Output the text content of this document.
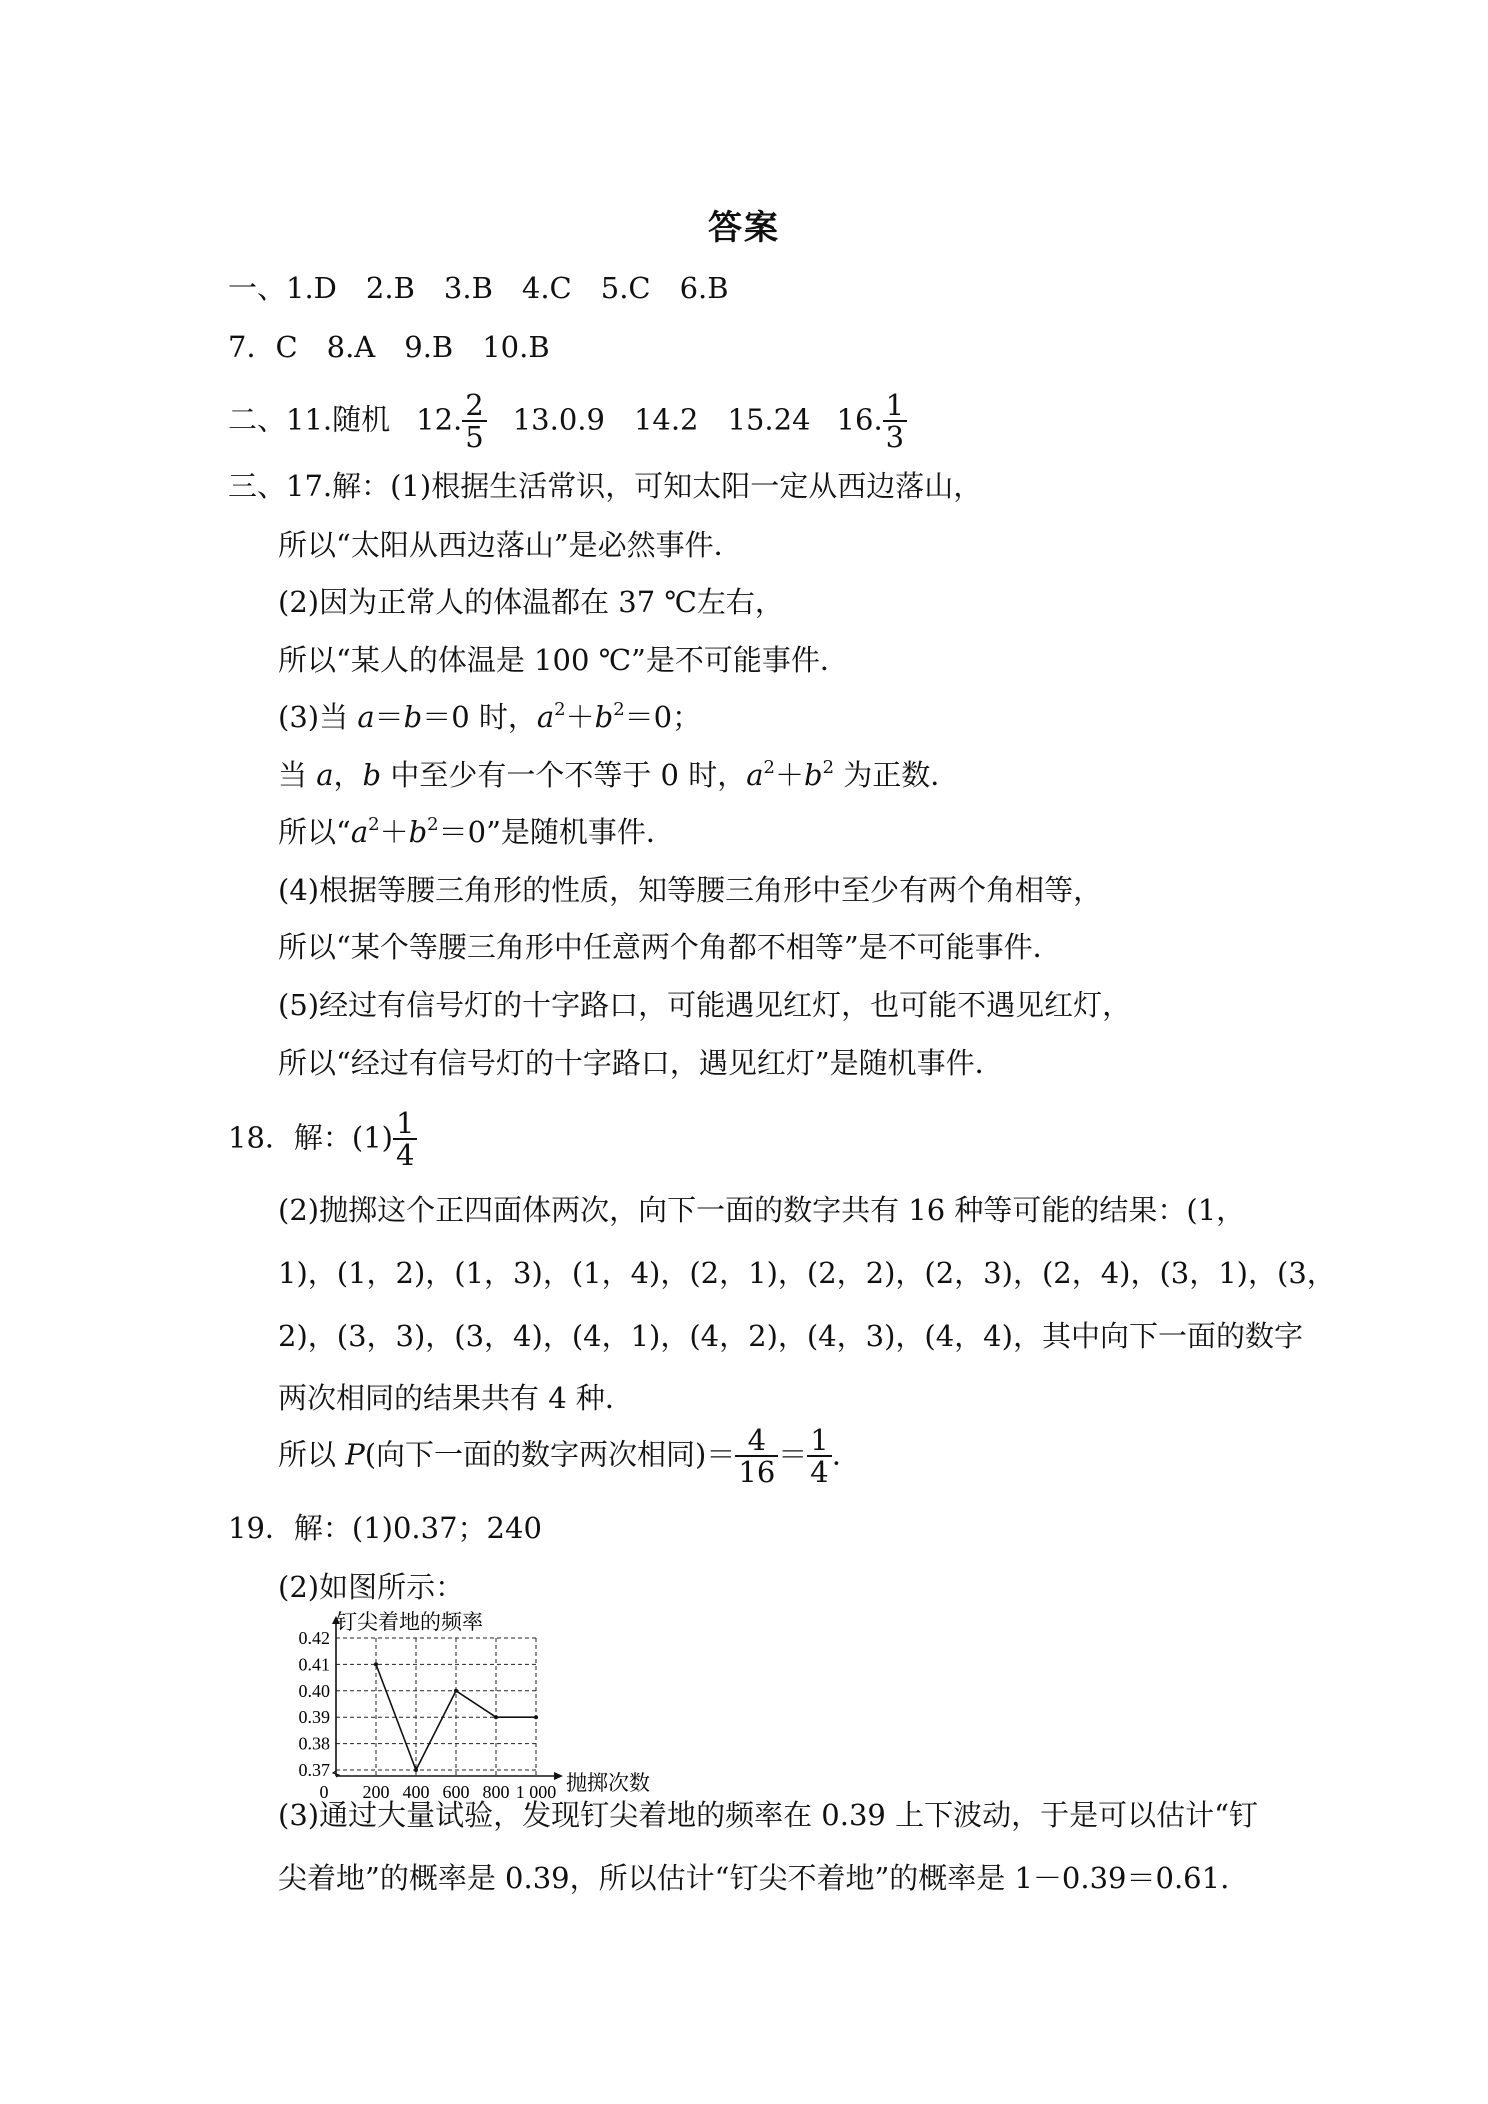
答案
一、1.D 2.B 3.B 4.C 5.C 6.B
7．C 8.A 9.B 10.B
二、11.随机 12. $\frac{2}{5} 13.0.9$ 14.2 15.24 16. $\frac{1}{3}$
三、17.解：(1)根据生活常识，可知太阳一定从西边落山，
所以“太阳从西边落山”是必然事件．
(2)因为正常人的体温都在 37 ℃左右，
所以“某人的体温是 100 ℃”是不可能事件．
(3)当 a＝b＝0 时，$a^2+b^2=0$；
当 a，b 中至少有一个不等于 0 时，$a^2+b^2$ 为正数．
所以“$a^2+b^2=0$”是随机事件．
(4)根据等腰三角形的性质，知等腰三角形中至少有两个角相等，
所以“某个等腰三角形中任意两个角都不相等”是不可能事件．
(5)经过有信号灯的十字路口，可能遇见红灯，也可能不遇见红灯，
所以“经过有信号灯的十字路口，遇见红灯”是随机事件．
18．解：$(1) \frac{1}{4}$
(2)抛掷这个正四面体两次，向下一面的数字共有 16 种等可能的结果：(1，
1)，(1，2)，(1，3)，(1，4)，(2，1)，(2，2)，(2，3)，(2，4)，(3，1)，(3，
2)，(3，3)，(3，4)，(4，1)，(4，2)，(4，3)，(4，4)，其中向下一面的数字
两次相同的结果共有 4 种．
所以 P(向下一面的数字两次相同)＝ $\frac{4}{16} = \frac{1}{4}$ .
19．解：(1)0.37；240
(2)如图所示：
0.37
0.38
0.39
0.40
0.41
0.42
200 400 600 800 1 000
钉尖着地的频率
抛掷次数
0
(3)通过大量试验，发现钉尖着地的频率在 0.39 上下波动，于是可以估计“钉
尖着地”的概率是 0.39，所以估计“钉尖不着地”的概率是 1－0.39＝0.61.
